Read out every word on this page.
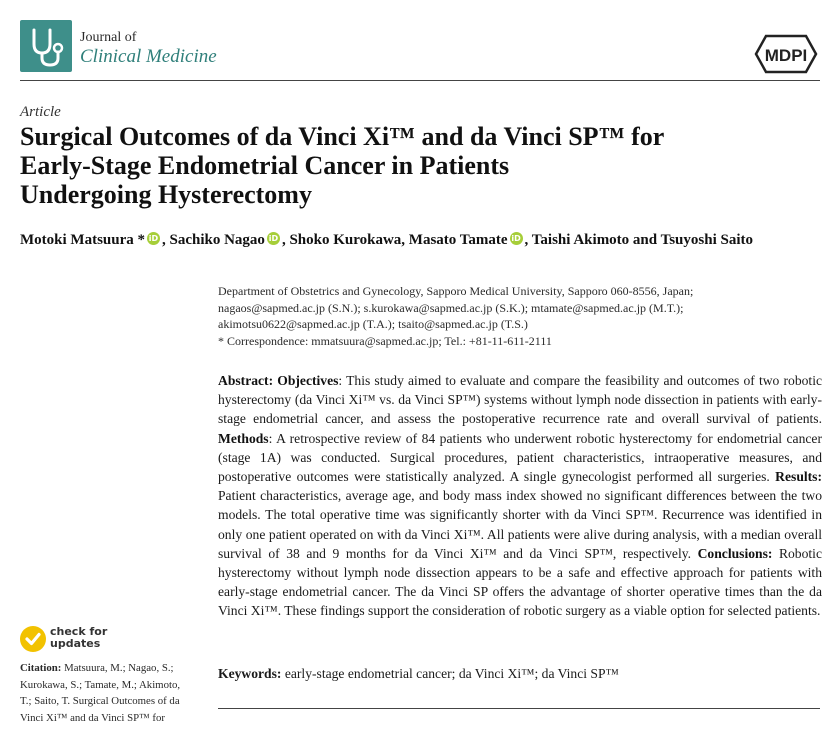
Journal of
Clinical Medicine	MDPI
Article
Surgical Outcomes of da Vinci Xi™ and da Vinci SP™ for
Early-Stage Endometrial Cancer in Patients
Undergoing Hysterectomy
Motoki Matsuura * iD , Sachiko Nagao iD , Shoko Kurokawa, Masato Tamate iD , Taishi Akimoto and Tsuyoshi Saito
Department of Obstetrics and Gynecology, Sapporo Medical University, Sapporo 060-8556, Japan;
nagaos@sapmed.ac.jp (S.N.); s.kurokawa@sapmed.ac.jp (S.K.); mtamate@sapmed.ac.jp (M.T.);
akimotsu0622@sapmed.ac.jp (T.A.); tsaito@sapmed.ac.jp (T.S.)
* Correspondence: mmatsuura@sapmed.ac.jp; Tel.: +81-11-611-2111

Abstract: Objectives: This study aimed to evaluate and compare the feasibility and outcomes of two robotic hysterectomy (da Vinci Xi™ vs. da Vinci SP™) systems without lymph node dissection in patients with early-stage endometrial cancer, and assess the postoperative recurrence rate and overall survival of patients. Methods: A retrospective review of 84 patients who underwent robotic hysterectomy for endometrial cancer (stage 1A) was conducted. Surgical procedures, patient characteristics, intraoperative measures, and postoperative outcomes were statistically analyzed. A single gynecologist performed all surgeries. Results: Patient characteristics, average age, and body mass index showed no significant differences between the two models. The total operative time was significantly shorter with da Vinci SP™. Recurrence was identified in only one patient operated on with da Vinci Xi™. All patients were alive during analysis, with a median overall survival of 38 and 9 months for da Vinci Xi™ and da Vinci SP™, respectively. Conclusions: Robotic hysterectomy without lymph node dissection appears to be a safe and effective approach for patients with early-stage endometrial cancer. The da Vinci SP offers the advantage of shorter operative times than the da Vinci Xi™. These findings support the consideration of robotic surgery as a viable option for selected patients.

Keywords: early-stage endometrial cancer; da Vinci Xi™; da Vinci SP™
check for
updates
Citation: Matsuura, M.; Nagao, S.;
Kurokawa, S.; Tamate, M.; Akimoto,
T.; Saito, T. Surgical Outcomes of da
Vinci Xi™ and da Vinci SP™ for
